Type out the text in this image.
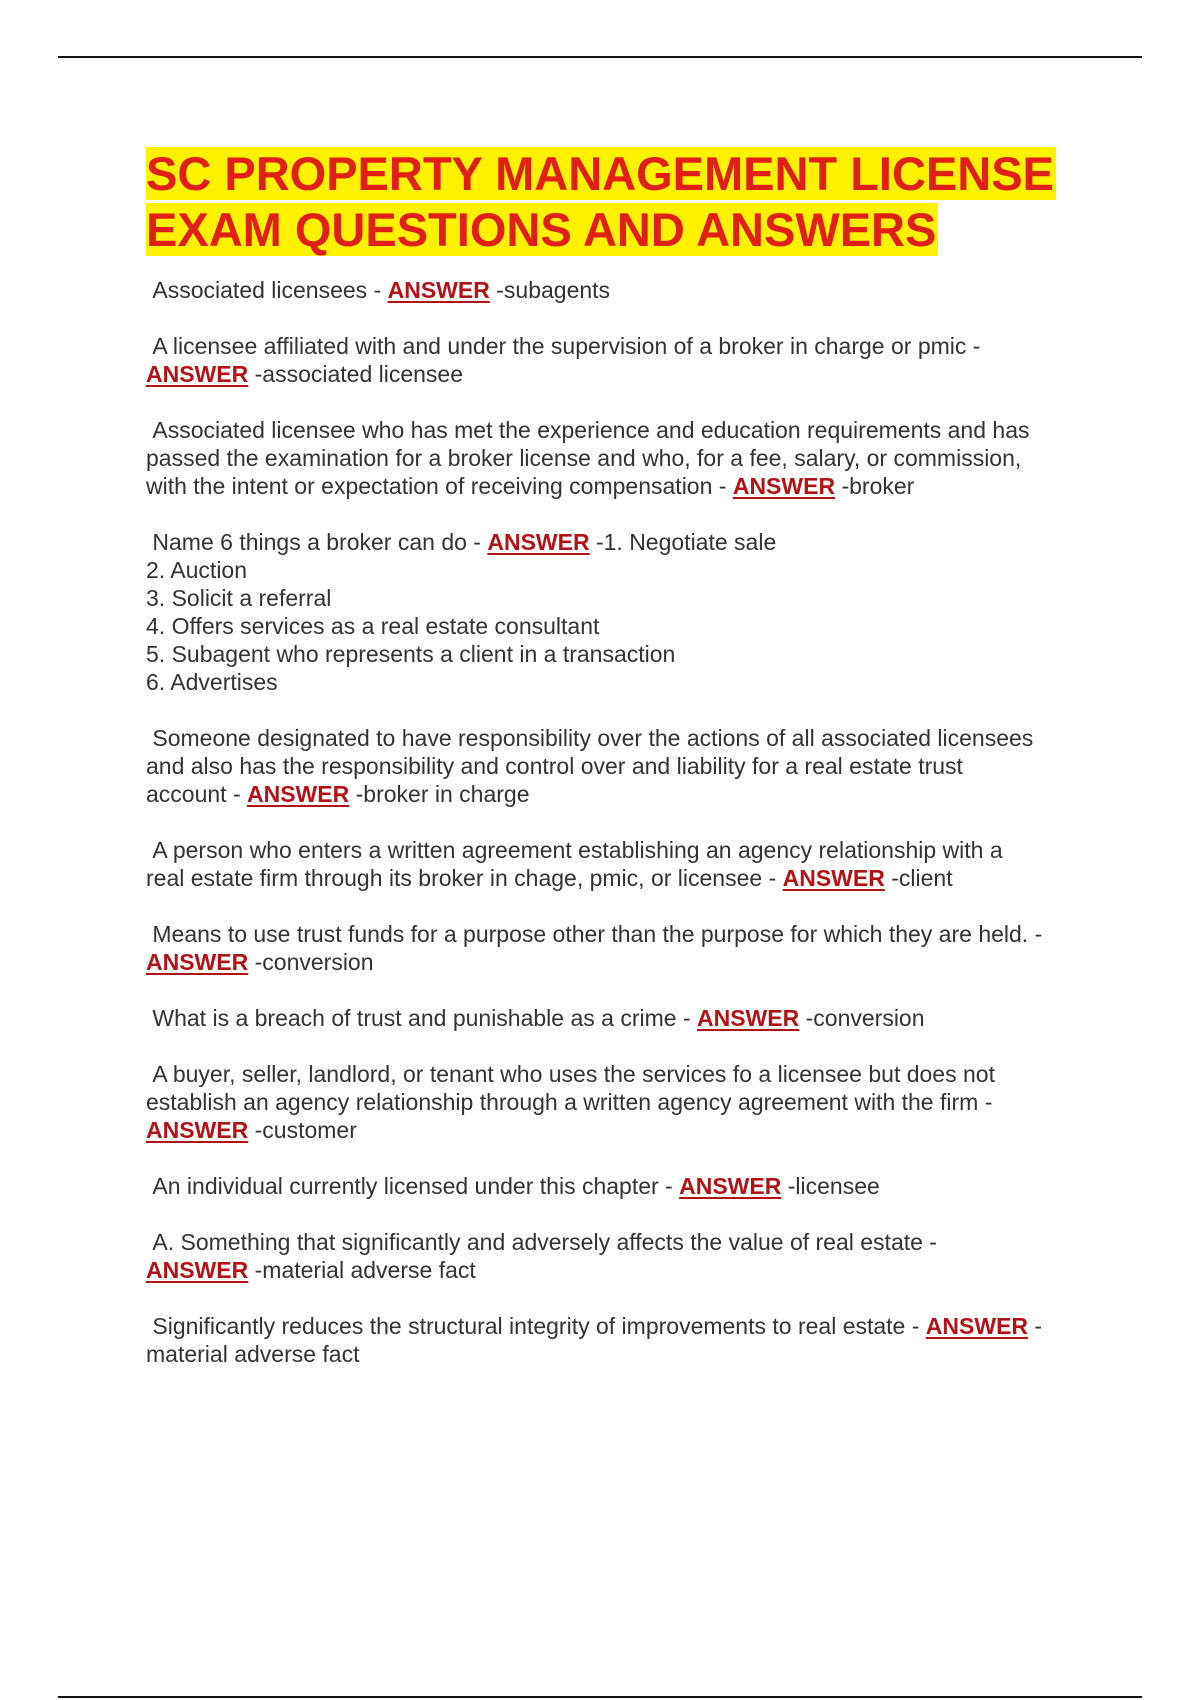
SC PROPERTY MANAGEMENT LICENSE
EXAM QUESTIONS AND ANSWERS

Associated licensees - ANSWER -subagents

A licensee affiliated with and under the supervision of a broker in charge or pmic -
ANSWER -associated licensee

Associated licensee who has met the experience and education requirements and has
passed the examination for a broker license and who, for a fee, salary, or commission,
with the intent or expectation of receiving compensation - ANSWER -broker

Name 6 things a broker can do - ANSWER -1. Negotiate sale
2. Auction
3. Solicit a referral
4. Offers services as a real estate consultant
5. Subagent who represents a client in a transaction
6. Advertises

Someone designated to have responsibility over the actions of all associated licensees
and also has the responsibility and control over and liability for a real estate trust
account - ANSWER -broker in charge

A person who enters a written agreement establishing an agency relationship with a
real estate firm through its broker in chage, pmic, or licensee - ANSWER -client

Means to use trust funds for a purpose other than the purpose for which they are held. -
ANSWER -conversion

What is a breach of trust and punishable as a crime - ANSWER -conversion

A buyer, seller, landlord, or tenant who uses the services fo a licensee but does not
establish an agency relationship through a written agency agreement with the firm -
ANSWER -customer

An individual currently licensed under this chapter - ANSWER -licensee

A. Something that significantly and adversely affects the value of real estate -
ANSWER -material adverse fact

Significantly reduces the structural integrity of improvements to real estate - ANSWER -
material adverse fact
